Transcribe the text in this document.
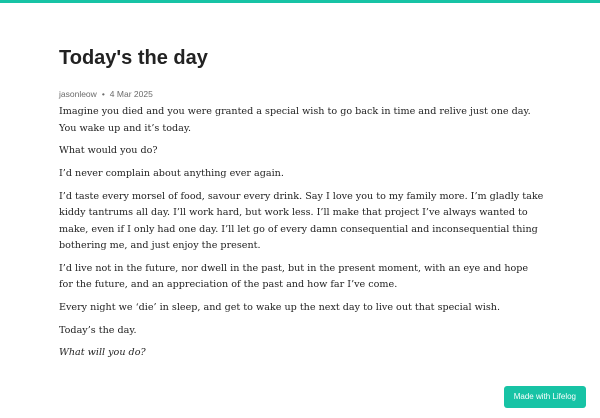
Today's the day
jasonleow • 4 Mar 2025

Imagine you died and you were granted a special wish to go back in time and relive just one day. You wake up and it’s today.

What would you do?

I’d never complain about anything ever again.

I’d taste every morsel of food, savour every drink. Say I love you to my family more. I’m gladly take kiddy tantrums all day. I’ll work hard, but work less. I’ll make that project I’ve always wanted to make, even if I only had one day. I’ll let go of every damn consequential and inconsequential thing bothering me, and just enjoy the present.

I’d live not in the future, nor dwell in the past, but in the present moment, with an eye and hope for the future, and an appreciation of the past and how far I’ve come.

Every night we ‘die’ in sleep, and get to wake up the next day to live out that special wish.

Today’s the day.

What will you do?

Made with Lifelog
